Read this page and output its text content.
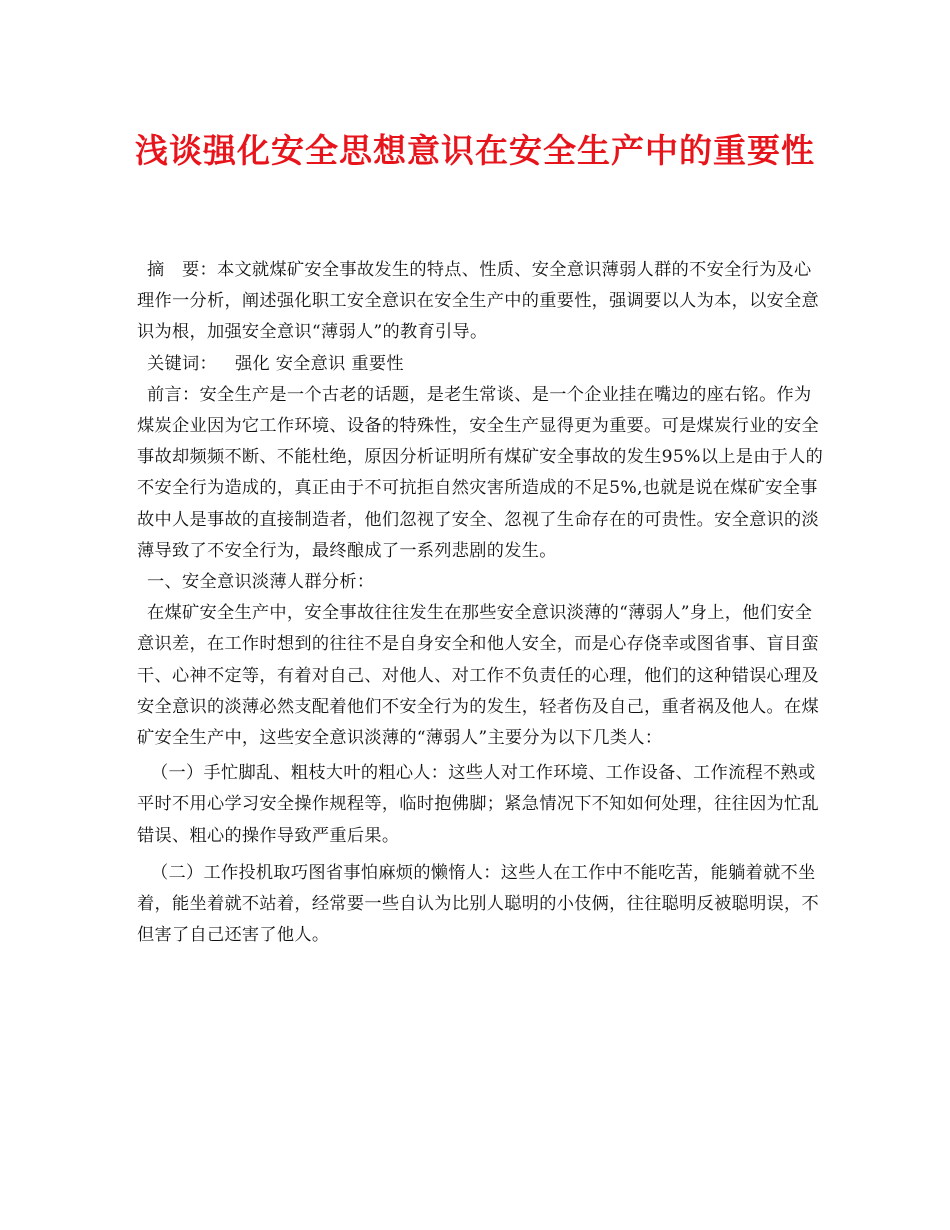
浅谈强化安全思想意识在安全生产中的重要性

摘　要：本文就煤矿安全事故发生的特点、性质、安全意识薄弱人群的不安全行为及心理作一分析，阐述强化职工安全意识在安全生产中的重要性，强调要以人为本，以安全意识为根，加强安全意识“薄弱人”的教育引导。

关键词： 强化 安全意识 重要性

前言：安全生产是一个古老的话题，是老生常谈、是一个企业挂在嘴边的座右铭。作为煤炭企业因为它工作环境、设备的特殊性，安全生产显得更为重要。可是煤炭行业的安全事故却频频不断、不能杜绝，原因分析证明所有煤矿安全事故的发生95%以上是由于人的不安全行为造成的，真正由于不可抗拒自然灾害所造成的不足5%,也就是说在煤矿安全事故中人是事故的直接制造者，他们忽视了安全、忽视了生命存在的可贵性。安全意识的淡薄导致了不安全行为，最终酿成了一系列悲剧的发生。

一、安全意识淡薄人群分析：

在煤矿安全生产中，安全事故往往发生在那些安全意识淡薄的“薄弱人”身上，他们安全意识差，在工作时想到的往往不是自身安全和他人安全，而是心存侥幸或图省事、盲目蛮干、心神不定等，有着对自己、对他人、对工作不负责任的心理，他们的这种错误心理及安全意识的淡薄必然支配着他们不安全行为的发生，轻者伤及自己，重者祸及他人。在煤矿安全生产中，这些安全意识淡薄的“薄弱人”主要分为以下几类人：

（一）手忙脚乱、粗枝大叶的粗心人：这些人对工作环境、工作设备、工作流程不熟或平时不用心学习安全操作规程等，临时抱佛脚；紧急情况下不知如何处理，往往因为忙乱错误、粗心的操作导致严重后果。

（二）工作投机取巧图省事怕麻烦的懒惰人：这些人在工作中不能吃苦，能躺着就不坐着，能坐着就不站着，经常要一些自认为比别人聪明的小伎俩，往往聪明反被聪明误，不但害了自己还害了他人。
